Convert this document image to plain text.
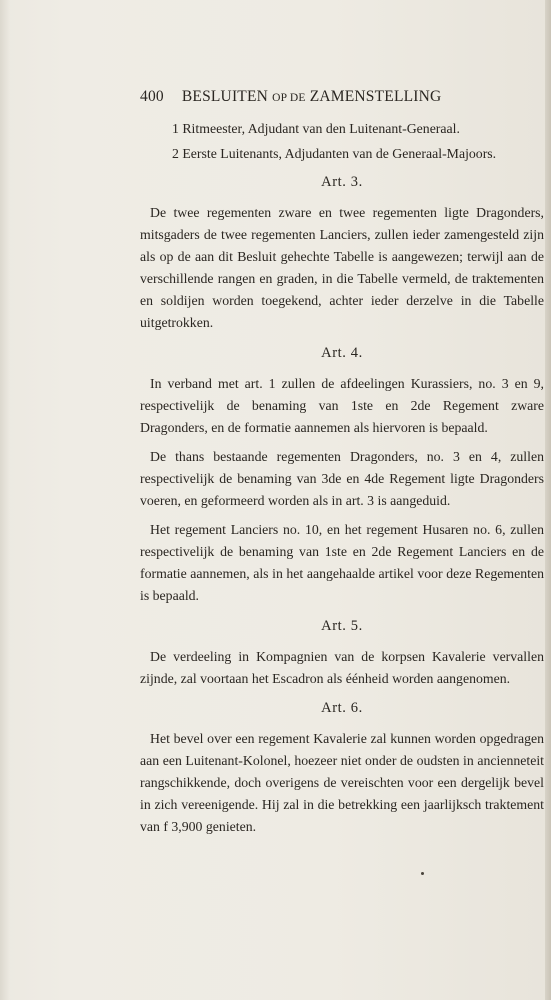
400 BESLUITEN OP DE ZAMENSTELLING
1 Ritmeester, Adjudant van den Luitenant-Generaal.
2 Eerste Luitenants, Adjudanten van de Generaal-Majoors.
Art. 3.

De twee regementen zware en twee regementen ligte Dragonders, mitsgaders de twee regementen Lanciers, zullen ieder zamengesteld zijn als op de aan dit Besluit gehechte Tabelle is aangewezen; terwijl aan de verschillende rangen en graden, in die Tabelle vermeld, de traktementen en soldijen worden toegekend, achter ieder derzelve in die Tabelle uitgetrokken.

Art. 4.

In verband met art. 1 zullen de afdeelingen Kurassiers, no. 3 en 9, respectivelijk de benaming van 1ste en 2de Regement zware Dragonders, en de formatie aannemen als hiervoren is bepaald.

De thans bestaande regementen Dragonders, no. 3 en 4, zullen respectivelijk de benaming van 3de en 4de Regement ligte Dragonders voeren, en geformeerd worden als in art. 3 is aangeduid.

Het regement Lanciers no. 10, en het regement Husaren no. 6, zullen respectivelijk de benaming van 1ste en 2de Regement Lanciers en de formatie aannemen, als in het aangehaalde artikel voor deze Regementen is bepaald.

Art. 5.

De verdeeling in Kompagnien van de korpsen Kavalerie vervallen zijnde, zal voortaan het Escadron als éénheid worden aangenomen.

Art. 6.

Het bevel over een regement Kavalerie zal kunnen worden opgedragen aan een Luitenant-Kolonel, hoezeer niet onder de oudsten in ancienneteit rangschikkende, doch overigens de vereischten voor een dergelijk bevel in zich vereenigende. Hij zal in die betrekking een jaarlijksch traktement van f 3,900 genieten.
